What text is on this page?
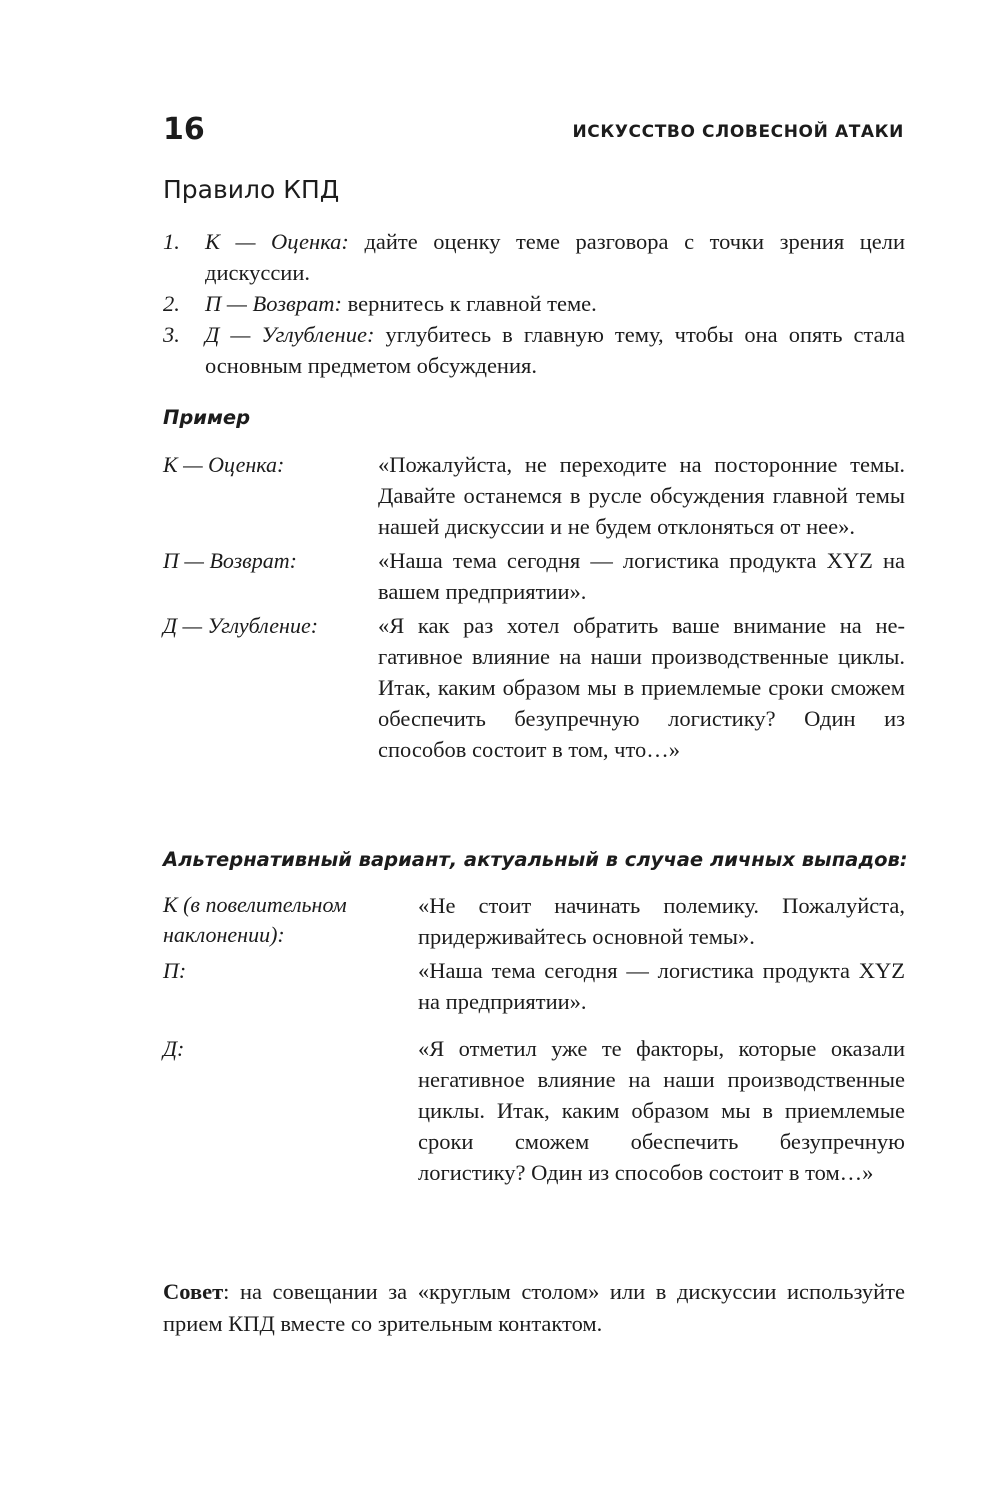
16	ИСКУССТВО СЛОВЕСНОЙ АТАКИ
Правило КПД
1. К — Оценка: дайте оценку теме разговора с точки зрения цели дискуссии.
2. П — Возврат: вернитесь к главной теме.
3. Д — Углубление: углубитесь в главную тему, чтобы она опять стала основным предметом обсуждения.
Пример
К — Оценка:	«Пожалуйста, не переходите на посторонние темы. Давайте останемся в русле обсуждения главной темы нашей дискуссии и не будем отклоняться от нее».
П — Возврат:	«Наша тема сегодня — логистика продукта XYZ на вашем предприятии».
Д — Углубление:	«Я как раз хотел обратить ваше внимание на негативное влияние на наши производственные циклы. Итак, каким образом мы в приемлемые сроки сможем обеспечить безупречную логистику? Один из способов состоит в том, что…»
Альтернативный вариант, актуальный в случае личных выпадов:
К (в повелительном наклонении):	«Не стоит начинать полемику. Пожалуйста, придерживайтесь основной темы».
П:	«Наша тема сегодня — логистика продукта XYZ на предприятии».
Д:	«Я отметил уже те факторы, которые оказали негативное влияние на наши производственные циклы. Итак, каким образом мы в приемлемые сроки сможем обеспечить безупречную логистику? Один из способов состоит в том…»

Совет: на совещании за «круглым столом» или в дискуссии используйте прием КПД вместе со зрительным контактом.
